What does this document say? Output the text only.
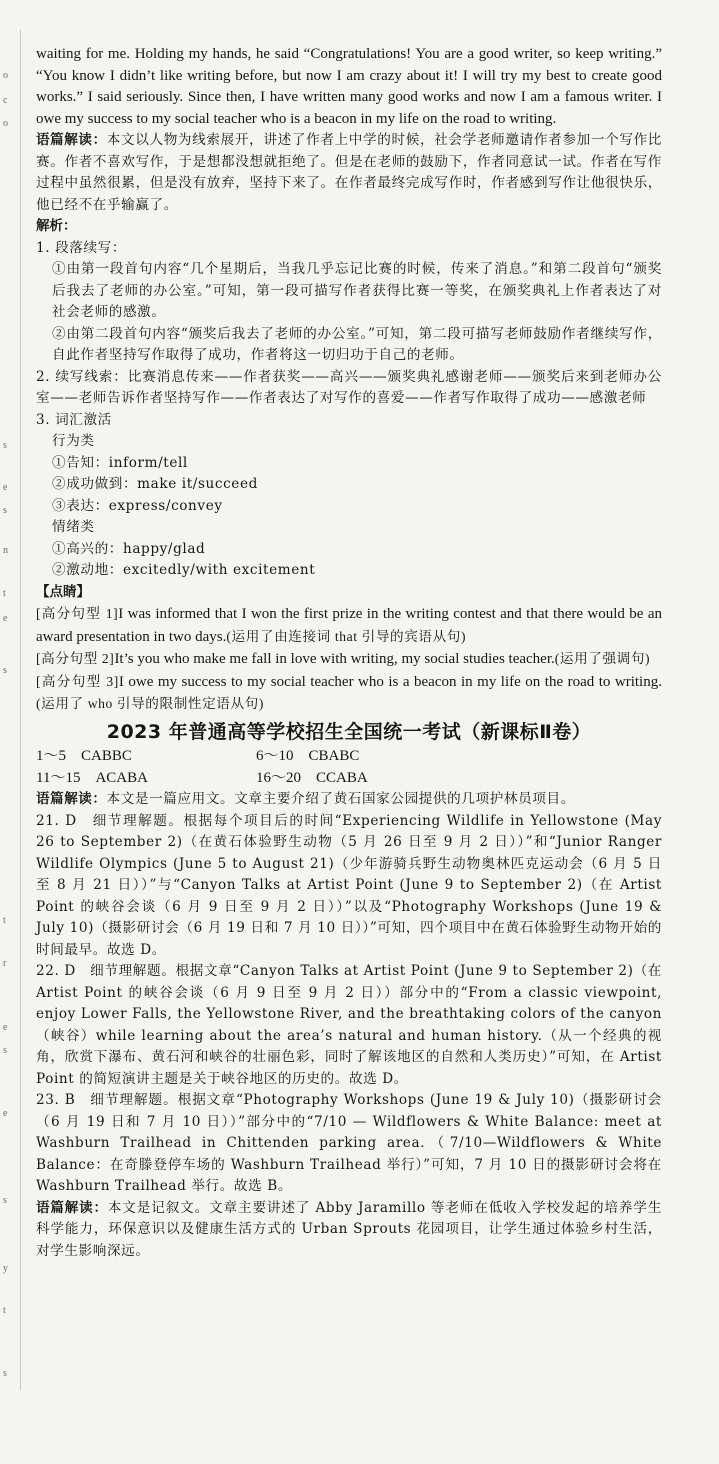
o
c
o
s
e
s
n
t
e
s
t
r
e
s
e
s
y
t
s

waiting for me. Holding my hands, he said “Congratulations! You are a good writer, so keep writing.” “You know I didn’t like writing before, but now I am crazy about it! I will try my best to create good works.” I said seriously. Since then, I have written many good works and now I am a famous writer. I owe my success to my social teacher who is a beacon in my life on the road to writing.

语篇解读：本文以人物为线索展开，讲述了作者上中学的时候，社会学老师邀请作者参加一个写作比赛。作者不喜欢写作，于是想都没想就拒绝了。但是在老师的鼓励下，作者同意试一试。作者在写作过程中虽然很累，但是没有放弃，坚持下来了。在作者最终完成写作时，作者感到写作让他很快乐，他已经不在乎输赢了。

解析：

1. 段落续写：

①由第一段首句内容“几个星期后，当我几乎忘记比赛的时候，传来了消息。”和第二段首句“颁奖后我去了老师的办公室。”可知，第一段可描写作者获得比赛一等奖，在颁奖典礼上作者表达了对社会老师的感激。

②由第二段首句内容“颁奖后我去了老师的办公室。”可知，第二段可描写老师鼓励作者继续写作，自此作者坚持写作取得了成功，作者将这一切归功于自己的老师。

2. 续写线索：比赛消息传来——作者获奖——高兴——颁奖典礼感谢老师——颁奖后来到老师办公室——老师告诉作者坚持写作——作者表达了对写作的喜爱——作者写作取得了成功——感激老师

3. 词汇激活

行为类

①告知：inform/tell

②成功做到：make it/succeed

③表达：express/convey

情绪类

①高兴的：happy/glad

②激动地：excitedly/with excitement

【点睛】

[高分句型 1]I was informed that I won the first prize in the writing contest and that there would be an award presentation in two days.(运用了由连接词 that 引导的宾语从句)

[高分句型 2]It’s you who make me fall in love with writing, my social studies teacher.(运用了强调句)

[高分句型 3]I owe my success to my social teacher who is a beacon in my life on the road to writing.(运用了 who 引导的限制性定语从句)

2023 年普通高等学校招生全国统一考试（新课标Ⅱ卷）
1～5　CABBC	6～10　CBABC
11～15　ACABA	16～20　CCABA

语篇解读：本文是一篇应用文。文章主要介绍了黄石国家公园提供的几项护林员项目。

21. D　细节理解题。根据每个项目后的时间“Experiencing Wildlife in Yellowstone (May 26 to September 2)（在黄石体验野生动物（5 月 26 日至 9 月 2 日））”和“Junior Ranger Wildlife Olympics (June 5 to August 21)（少年游骑兵野生动物奥林匹克运动会（6 月 5 日至 8 月 21 日））”与“Canyon Talks at Artist Point (June 9 to September 2)（在 Artist Point 的峡谷会谈（6 月 9 日至 9 月 2 日））”以及“Photography Workshops (June 19 & July 10)（摄影研讨会（6 月 19 日和 7 月 10 日））”可知，四个项目中在黄石体验野生动物开始的时间最早。故选 D。

22. D　细节理解题。根据文章“Canyon Talks at Artist Point (June 9 to September 2)（在 Artist Point 的峡谷会谈（6 月 9 日至 9 月 2 日））部分中的“From a classic viewpoint, enjoy Lower Falls, the Yellowstone River, and the breathtaking colors of the canyon（峡谷）while learning about the area’s natural and human history.（从一个经典的视角，欣赏下瀑布、黄石河和峡谷的壮丽色彩，同时了解该地区的自然和人类历史）”可知，在 Artist Point 的简短演讲主题是关于峡谷地区的历史的。故选 D。

23. B　细节理解题。根据文章“Photography Workshops (June 19 & July 10)（摄影研讨会（6 月 19 日和 7 月 10 日））”部分中的“7/10 — Wildflowers & White Balance: meet at Washburn Trailhead in Chittenden parking area.（7/10—Wildflowers & White Balance：在奇滕登停车场的 Washburn Trailhead 举行）”可知，7 月 10 日的摄影研讨会将在 Washburn Trailhead 举行。故选 B。

语篇解读：本文是记叙文。文章主要讲述了 Abby Jaramillo 等老师在低收入学校发起的培养学生科学能力，环保意识以及健康生活方式的 Urban Sprouts 花园项目，让学生通过体验乡村生活，对学生影响深远。
